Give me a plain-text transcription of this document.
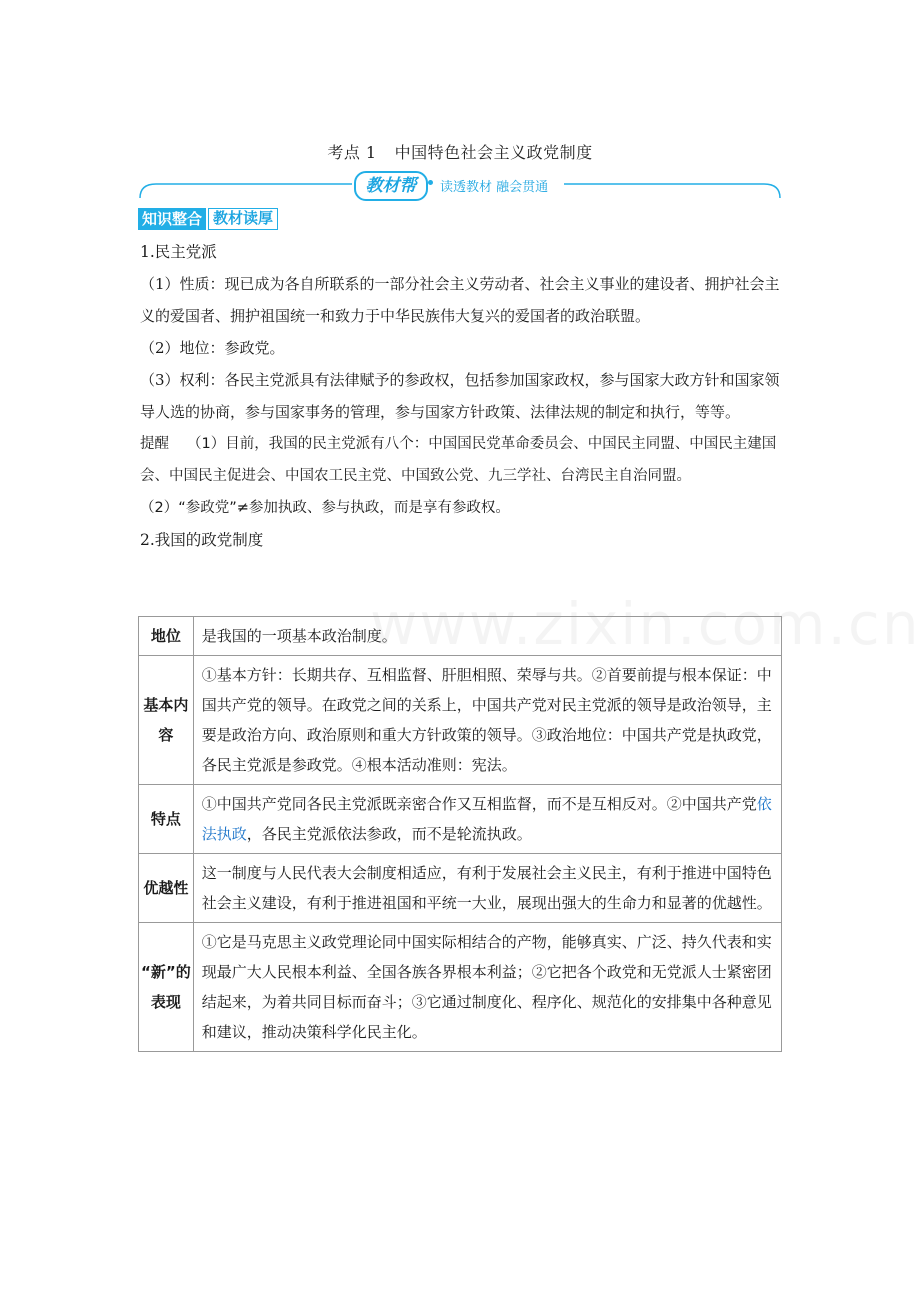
考点 1 中国特色社会主义政党制度
教材帮	读透教材 融会贯通
知识整合 教材读厚
1.民主党派
（1）性质：现已成为各自所联系的一部分社会主义劳动者、社会主义事业的建设者、拥护社会主义的爱国者、拥护祖国统一和致力于中华民族伟大复兴的爱国者的政治联盟。
（2）地位：参政党。
（3）权利：各民主党派具有法律赋予的参政权，包括参加国家政权，参与国家大政方针和国家领导人选的协商，参与国家事务的管理，参与国家方针政策、法律法规的制定和执行，等等。
提醒 （1）目前，我国的民主党派有八个：中国国民党革命委员会、中国民主同盟、中国民主建国会、中国民主促进会、中国农工民主党、中国致公党、九三学社、台湾民主自治同盟。
（2）“参政党”≠参加执政、参与执政，而是享有参政权。
2.我国的政党制度
地位	是我国的一项基本政治制度。
基本内容	①基本方针：长期共存、互相监督、肝胆相照、荣辱与共。②首要前提与根本保证：中国共产党的领导。在政党之间的关系上，中国共产党对民主党派的领导是政治领导，主要是政治方向、政治原则和重大方针政策的领导。③政治地位：中国共产党是执政党，各民主党派是参政党。④根本活动准则：宪法。
特点	①中国共产党同各民主党派既亲密合作又互相监督，而不是互相反对。②中国共产党依法执政，各民主党派依法参政，而不是轮流执政。
优越性	这一制度与人民代表大会制度相适应，有利于发展社会主义民主，有利于推进中国特色社会主义建设，有利于推进祖国和平统一大业，展现出强大的生命力和显著的优越性。
“新”的表现	①它是马克思主义政党理论同中国实际相结合的产物，能够真实、广泛、持久代表和实现最广大人民根本利益、全国各族各界根本利益；②它把各个政党和无党派人士紧密团结起来，为着共同目标而奋斗；③它通过制度化、程序化、规范化的安排集中各种意见和建议，推动决策科学化民主化。
